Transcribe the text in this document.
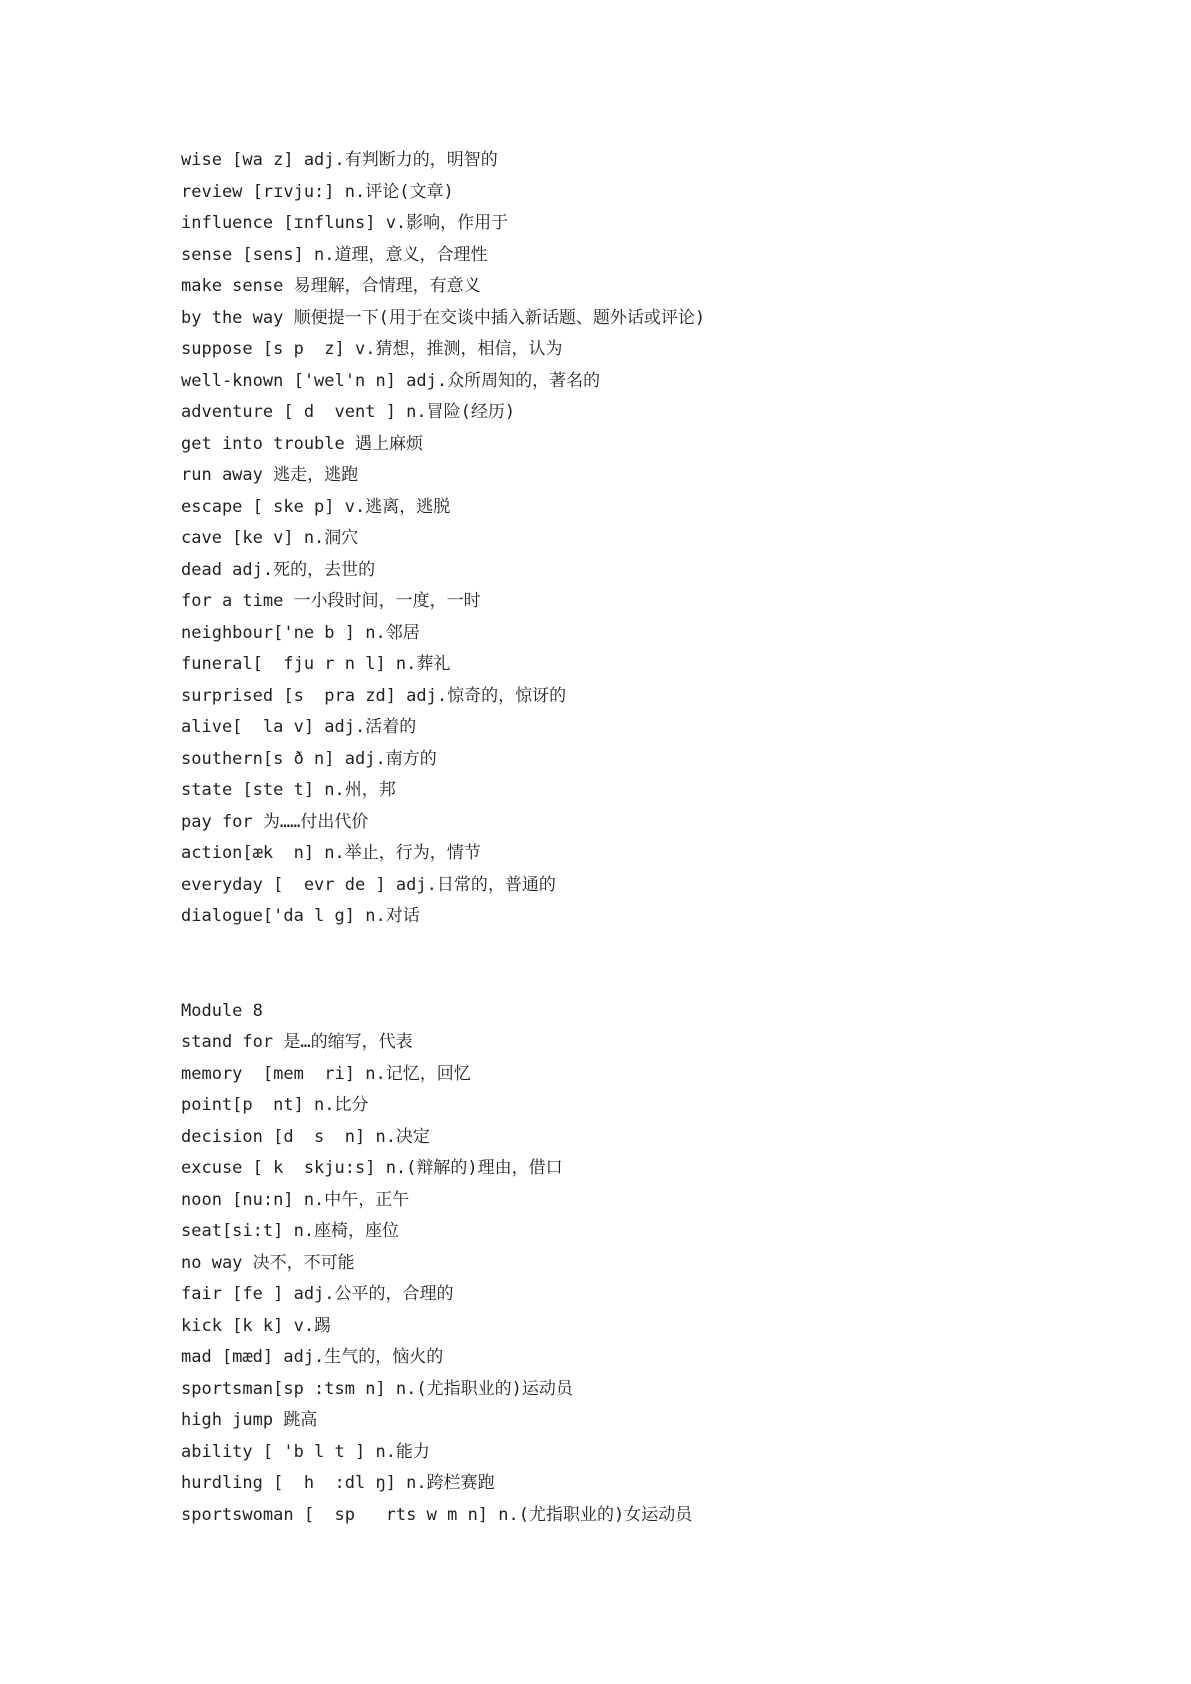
wise [wa z] adj.有判断力的，明智的
review [rɪvju:] n.评论(文章)
influence [ɪnfluns] v.影响，作用于
sense [sens] n.道理，意义，合理性
make sense 易理解，合情理，有意义
by the way 顺便提一下(用于在交谈中插入新话题、题外话或评论)
suppose [s p  z] v.猜想，推测，相信，认为
well-known ['wel'n n] adj.众所周知的，著名的
adventure [ d  vent ] n.冒险(经历)
get into trouble 遇上麻烦
run away 逃走，逃跑
escape [ ske p] v.逃离，逃脱
cave [ke v] n.洞穴
dead adj.死的，去世的
for a time 一小段时间，一度，一时
neighbour['ne b ] n.邻居
funeral[  fju r n l] n.葬礼
surprised [s  pra zd] adj.惊奇的，惊讶的
alive[  la v] adj.活着的
southern[s ð n] adj.南方的
state [ste t] n.州，邦
pay for 为……付出代价
action[æk  n] n.举止，行为，情节
everyday [  evr de ] adj.日常的，普通的
dialogue['da l g] n.对话
Module 8
stand for 是…的缩写，代表
memory  [mem  ri] n.记忆，回忆
point[p  nt] n.比分
decision [d  s  n] n.决定
excuse [ k  skju:s] n.(辩解的)理由，借口
noon [nu:n] n.中午，正午
seat[si:t] n.座椅，座位
no way 决不，不可能
fair [fe ] adj.公平的，合理的
kick [k k] v.踢
mad [mæd] adj.生气的，恼火的
sportsman[sp :tsm n] n.(尤指职业的)运动员
high jump 跳高
ability [ 'b l t ] n.能力
hurdling [  h  :dl ŋ] n.跨栏赛跑
sportswoman [  sp   rts w m n] n.(尤指职业的)女运动员
